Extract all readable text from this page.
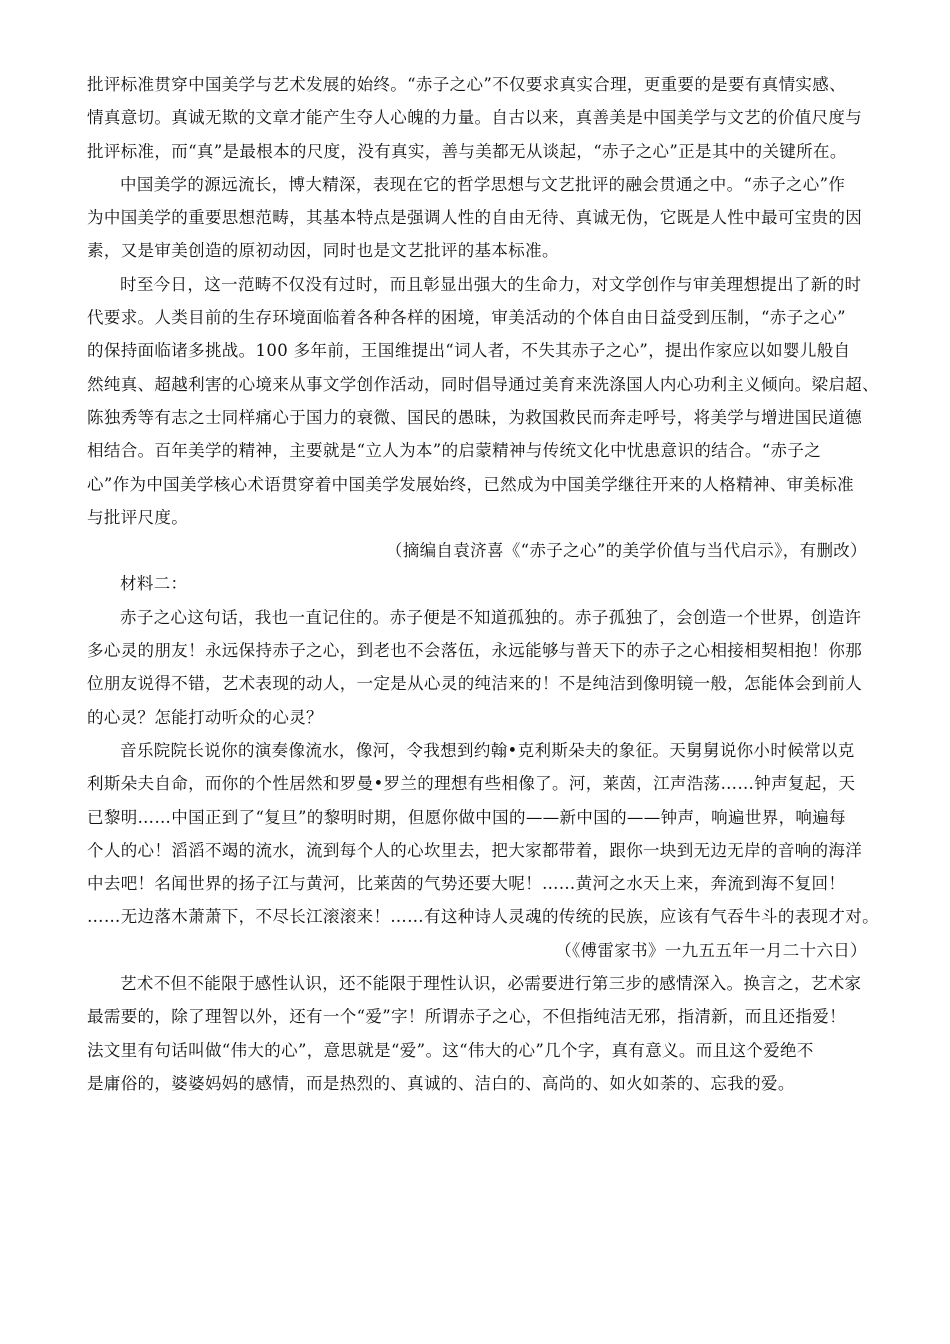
批评标准贯穿中国美学与艺术发展的始终。“赤子之心”不仅要求真实合理，更重要的是要有真情实感、
情真意切。真诚无欺的文章才能产生夺人心魄的力量。自古以来，真善美是中国美学与文艺的价值尺度与
批评标准，而“真”是最根本的尺度，没有真实，善与美都无从谈起，“赤子之心”正是其中的关键所在。
中国美学的源远流长，博大精深，表现在它的哲学思想与文艺批评的融会贯通之中。“赤子之心”作
为中国美学的重要思想范畴，其基本特点是强调人性的自由无待、真诚无伪，它既是人性中最可宝贵的因
素，又是审美创造的原初动因，同时也是文艺批评的基本标准。
时至今日，这一范畴不仅没有过时，而且彰显出强大的生命力，对文学创作与审美理想提出了新的时
代要求。人类目前的生存环境面临着各种各样的困境，审美活动的个体自由日益受到压制，“赤子之心”
的保持面临诸多挑战。100 多年前，王国维提出“词人者，不失其赤子之心”，提出作家应以如婴儿般自
然纯真、超越利害的心境来从事文学创作活动，同时倡导通过美育来洗涤国人内心功利主义倾向。梁启超、
陈独秀等有志之士同样痛心于国力的衰微、国民的愚昧，为救国救民而奔走呼号，将美学与增进国民道德
相结合。百年美学的精神，主要就是“立人为本”的启蒙精神与传统文化中忧患意识的结合。“赤子之
心”作为中国美学核心术语贯穿着中国美学发展始终，已然成为中国美学继往开来的人格精神、审美标准
与批评尺度。
（摘编自袁济喜《“赤子之心”的美学价值与当代启示》，有删改）
材料二：
赤子之心这句话，我也一直记住的。赤子便是不知道孤独的。赤子孤独了，会创造一个世界，创造许
多心灵的朋友！永远保持赤子之心，到老也不会落伍，永远能够与普天下的赤子之心相接相契相抱！你那
位朋友说得不错，艺术表现的动人，一定是从心灵的纯洁来的！不是纯洁到像明镜一般，怎能体会到前人
的心灵？怎能打动听众的心灵？
音乐院院长说你的演奏像流水，像河，令我想到约翰•克利斯朵夫的象征。天舅舅说你小时候常以克
利斯朵夫自命，而你的个性居然和罗曼•罗兰的理想有些相像了。河，莱茵，江声浩荡……钟声复起，天
已黎明……中国正到了“复旦”的黎明时期，但愿你做中国的——新中国的——钟声，响遍世界，响遍每
个人的心！滔滔不竭的流水，流到每个人的心坎里去，把大家都带着，跟你一块到无边无岸的音响的海洋
中去吧！名闻世界的扬子江与黄河，比莱茵的气势还要大呢！……黄河之水天上来，奔流到海不复回！
……无边落木萧萧下，不尽长江滚滚来！……有这种诗人灵魂的传统的民族，应该有气吞牛斗的表现才对。
（《傅雷家书》一九五五年一月二十六日）
艺术不但不能限于感性认识，还不能限于理性认识，必需要进行第三步的感情深入。换言之，艺术家
最需要的，除了理智以外，还有一个“爱”字！所谓赤子之心，不但指纯洁无邪，指清新，而且还指爱！
法文里有句话叫做“伟大的心”，意思就是“爱”。这“伟大的心”几个字，真有意义。而且这个爱绝不
是庸俗的，婆婆妈妈的感情，而是热烈的、真诚的、洁白的、高尚的、如火如荼的、忘我的爱。
